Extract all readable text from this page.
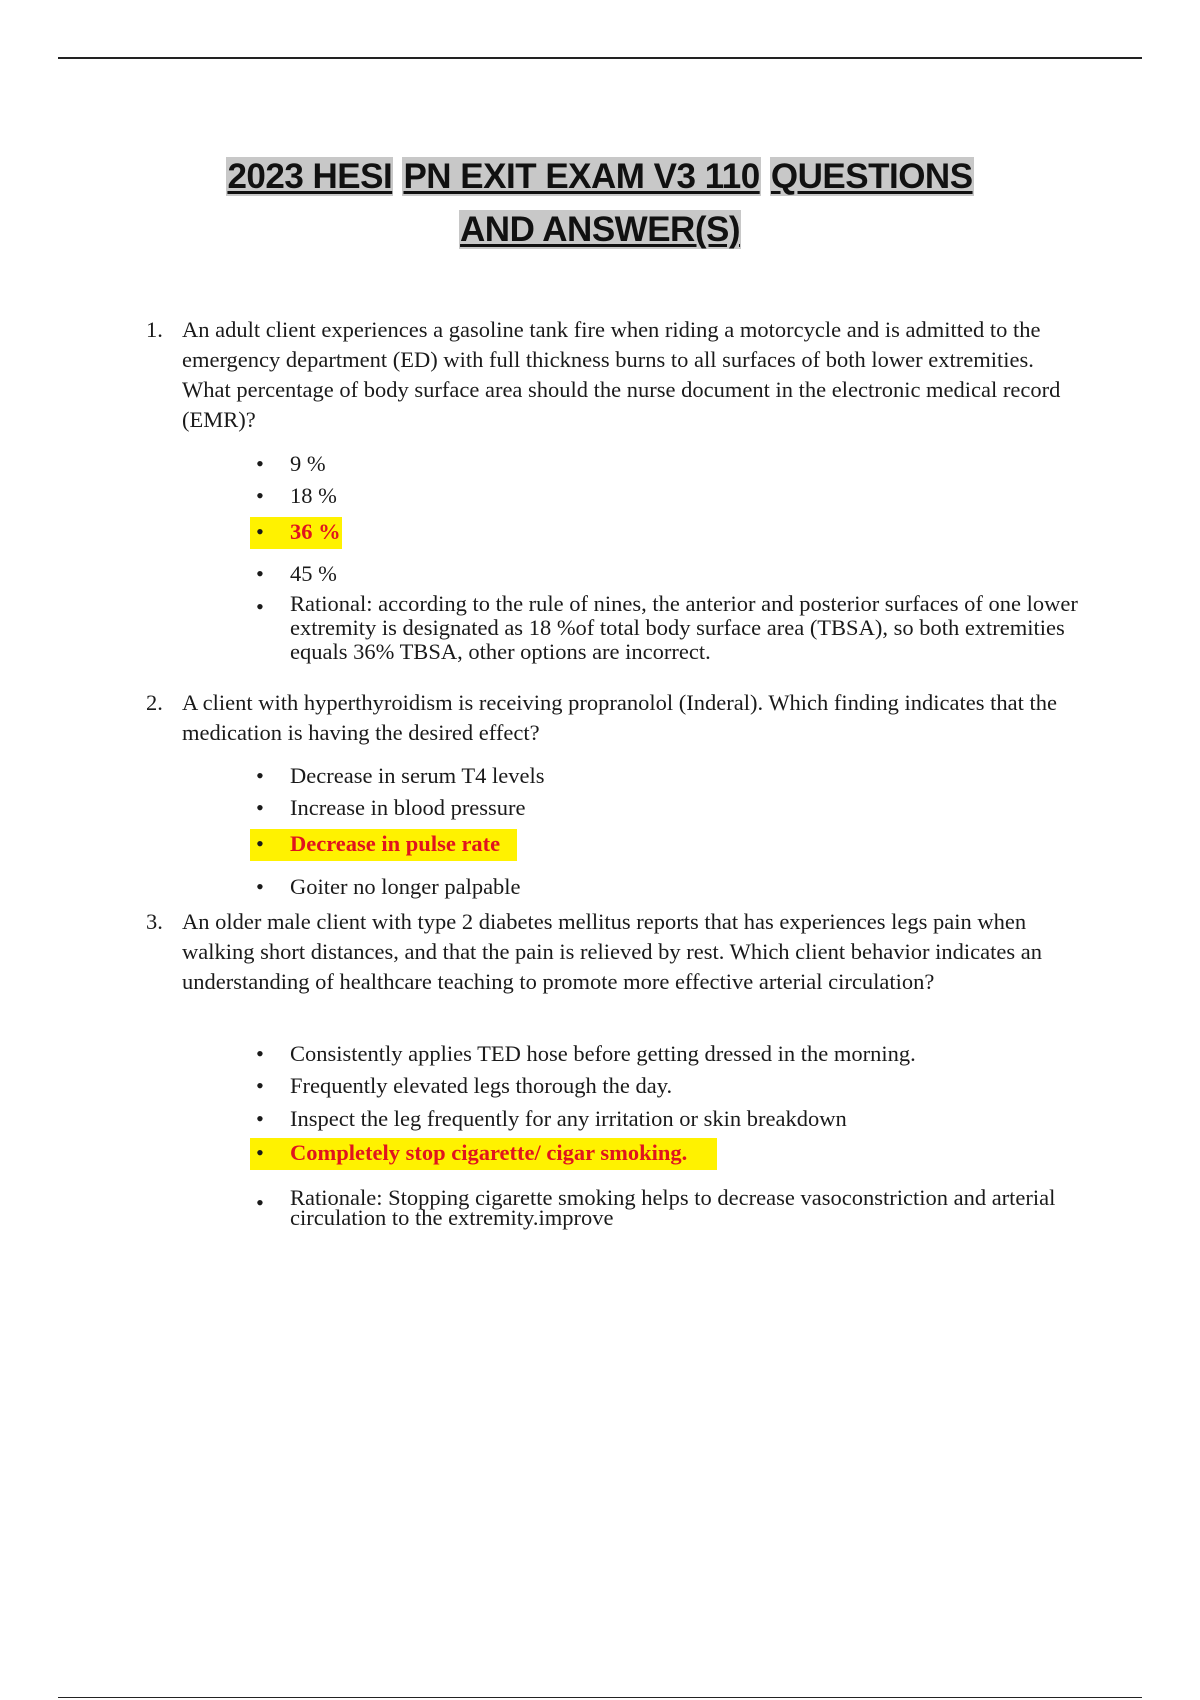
2023 HESI PN EXIT EXAM V3 110 QUESTIONS
AND ANSWER(S)
1. An adult client experiences a gasoline tank fire when riding a motorcycle and is admitted to the emergency department (ED) with full thickness burns to all surfaces of both lower extremities. What percentage of body surface area should the nurse document in the electronic medical record (EMR)?
• 9 %
• 18 %
• 36 %
• 45 %
• Rational: according to the rule of nines, the anterior and posterior surfaces of one lower extremity is designated as 18 %of total body surface area (TBSA), so both extremities equals 36% TBSA, other options are incorrect.
2. A client with hyperthyroidism is receiving propranolol (Inderal). Which finding indicates that the medication is having the desired effect?
• Decrease in serum T4 levels
• Increase in blood pressure
• Decrease in pulse rate
• Goiter no longer palpable
3. An older male client with type 2 diabetes mellitus reports that has experiences legs pain when walking short distances, and that the pain is relieved by rest. Which client behavior indicates an understanding of healthcare teaching to promote more effective arterial circulation?
• Consistently applies TED hose before getting dressed in the morning.
• Frequently elevated legs thorough the day.
• Inspect the leg frequently for any irritation or skin breakdown
• Completely stop cigarette/ cigar smoking.
• Rationale: Stopping cigarette smoking helps to decrease vasoconstriction and arterial circulation to the extremity.improve
